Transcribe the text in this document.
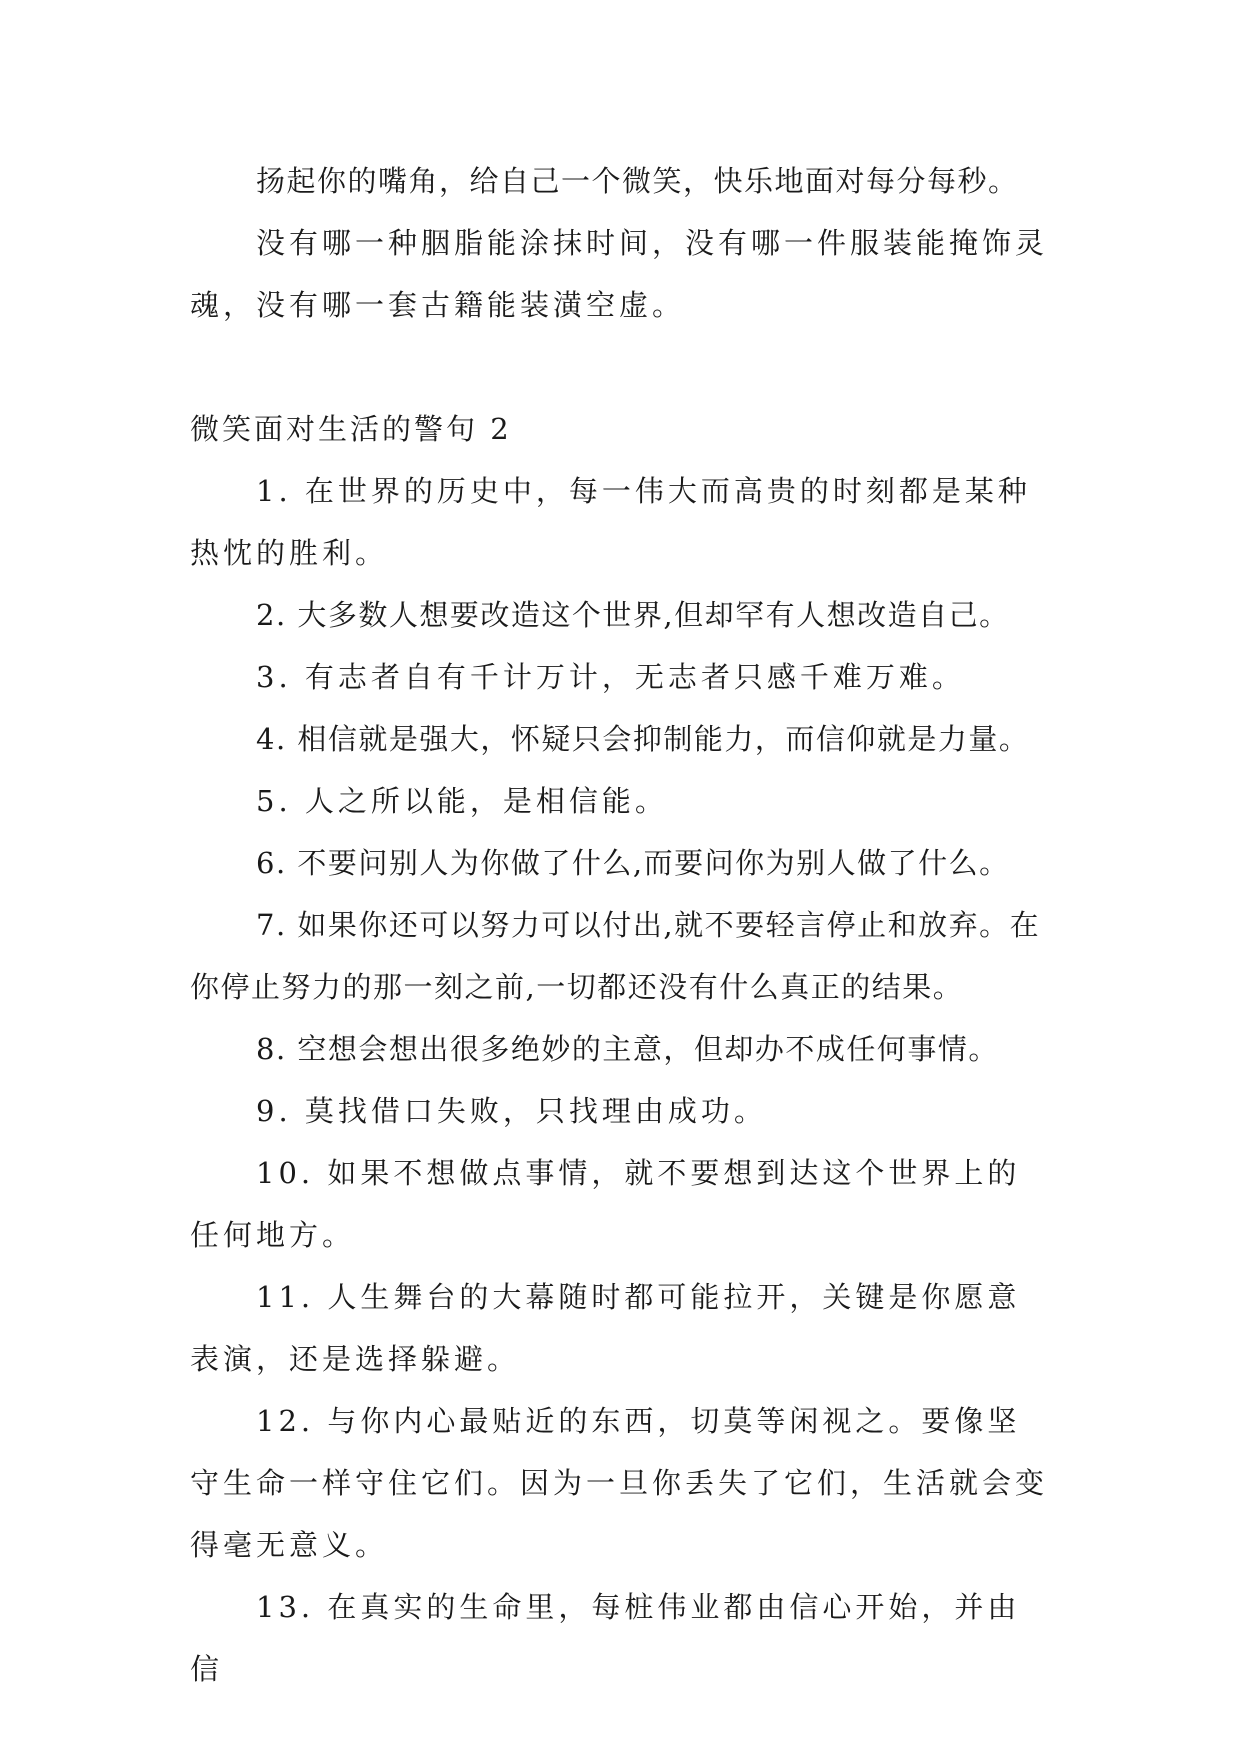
扬起你的嘴角，给自己一个微笑，快乐地面对每分每秒。

没有哪一种胭脂能涂抹时间，没有哪一件服装能掩饰灵魂，没有哪一套古籍能装潢空虚。

微笑面对生活的警句 2

1. 在世界的历史中，每一伟大而高贵的时刻都是某种热忱的胜利。

2. 大多数人想要改造这个世界,但却罕有人想改造自己。

3. 有志者自有千计万计，无志者只感千难万难。

4. 相信就是强大，怀疑只会抑制能力，而信仰就是力量。

5. 人之所以能，是相信能。

6. 不要问别人为你做了什么,而要问你为别人做了什么。

7. 如果你还可以努力可以付出,就不要轻言停止和放弃。在你停止努力的那一刻之前,一切都还没有什么真正的结果。

8. 空想会想出很多绝妙的主意，但却办不成任何事情。

9. 莫找借口失败，只找理由成功。

10. 如果不想做点事情，就不要想到达这个世界上的任何地方。

11. 人生舞台的大幕随时都可能拉开，关键是你愿意表演，还是选择躲避。

12. 与你内心最贴近的东西，切莫等闲视之。要像坚守生命一样守住它们。因为一旦你丢失了它们，生活就会变得毫无意义。

13. 在真实的生命里，每桩伟业都由信心开始，并由信
